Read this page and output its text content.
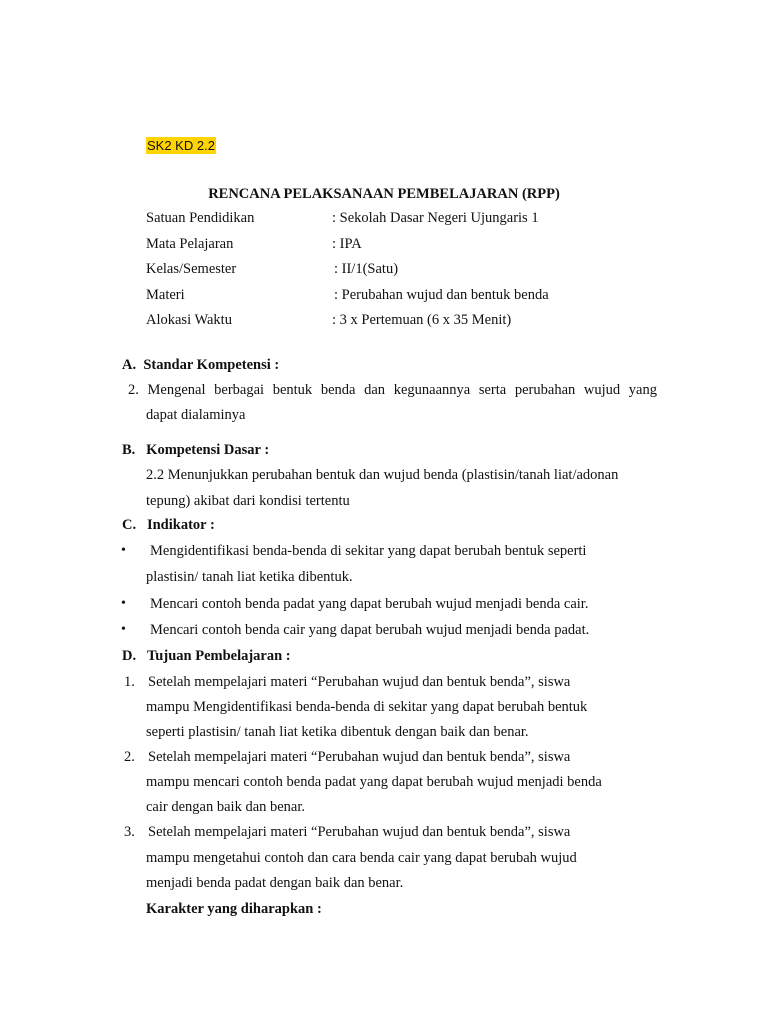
SK2 KD 2.2
RENCANA PELAKSANAAN PEMBELAJARAN (RPP)
Satuan Pendidikan	: Sekolah Dasar Negeri Ujungaris 1
Mata Pelajaran	: IPA
Kelas/Semester	: II/1(Satu)
Materi	: Perubahan wujud dan bentuk benda
Alokasi Waktu	: 3 x Pertemuan (6 x 35 Menit)
A.  Standar Kompetensi :
2. Mengenal berbagai bentuk benda dan kegunaannya serta perubahan wujud yang
dapat dialaminya
B.   Kompetensi Dasar :
2.2 Menunjukkan perubahan bentuk dan wujud benda (plastisin/tanah liat/adonan
tepung) akibat dari kondisi tertentu
C.   Indikator :
• Mengidentifikasi benda-benda di sekitar yang dapat berubah bentuk seperti
plastisin/ tanah liat ketika dibentuk.
• Mencari contoh benda padat yang dapat berubah wujud menjadi benda cair.
• Mencari contoh benda cair yang dapat berubah wujud menjadi benda padat.
D.   Tujuan Pembelajaran :
1. Setelah mempelajari materi “Perubahan wujud dan bentuk benda”, siswa
mampu Mengidentifikasi benda-benda di sekitar yang dapat berubah bentuk
seperti plastisin/ tanah liat ketika dibentuk dengan baik dan benar.
2. Setelah mempelajari materi “Perubahan wujud dan bentuk benda”, siswa
mampu mencari contoh benda padat yang dapat berubah wujud menjadi benda
cair dengan baik dan benar.
3. Setelah mempelajari materi “Perubahan wujud dan bentuk benda”, siswa
mampu mengetahui contoh dan cara benda cair yang dapat berubah wujud
menjadi benda padat dengan baik dan benar.
Karakter yang diharapkan :
